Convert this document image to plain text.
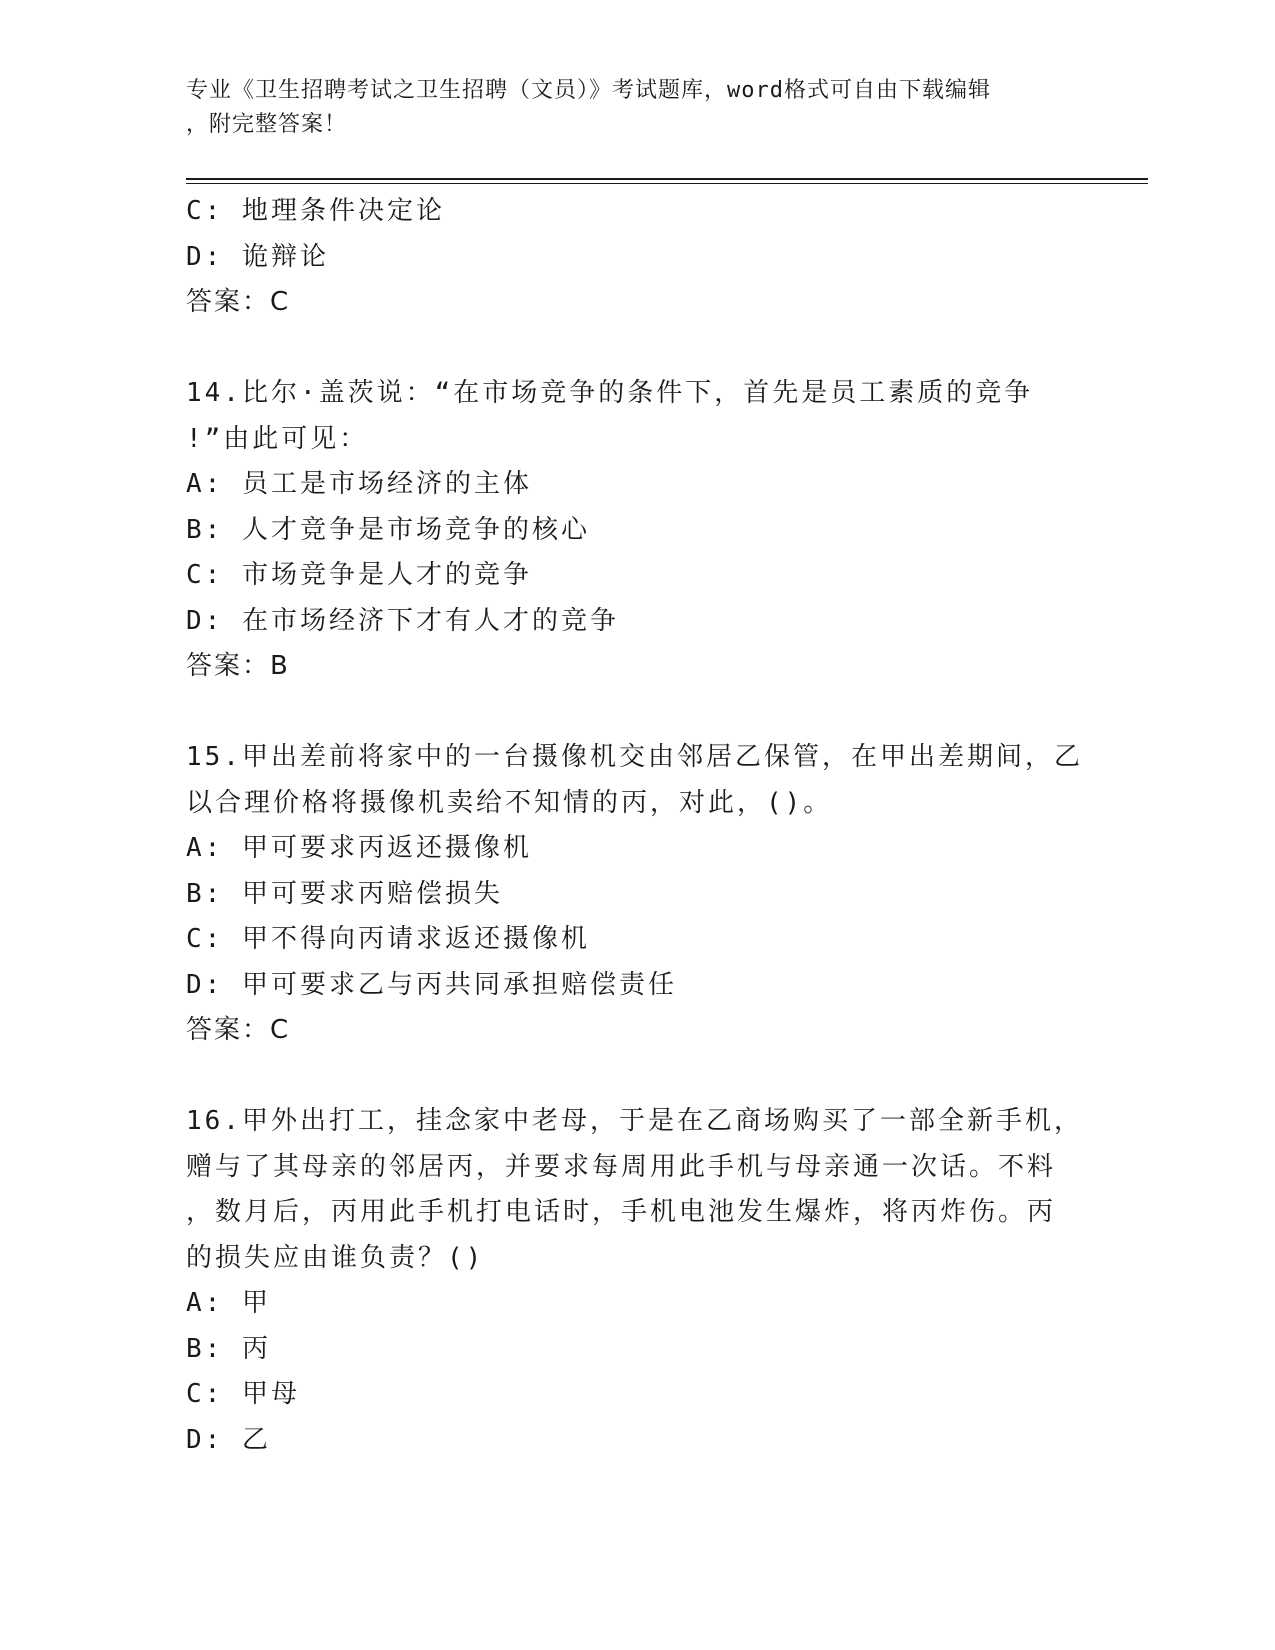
专业《卫生招聘考试之卫生招聘（文员）》考试题库，word格式可自由下载编辑
，附完整答案！
C: 地理条件决定论
D: 诡辩论
答案：C
14.比尔·盖茨说：“在市场竞争的条件下，首先是员工素质的竞争
!”由此可见：
A: 员工是市场经济的主体
B: 人才竞争是市场竞争的核心
C: 市场竞争是人才的竞争
D: 在市场经济下才有人才的竞争
答案：B
15.甲出差前将家中的一台摄像机交由邻居乙保管，在甲出差期间，乙
以合理价格将摄像机卖给不知情的丙，对此，()。
A: 甲可要求丙返还摄像机
B: 甲可要求丙赔偿损失
C: 甲不得向丙请求返还摄像机
D: 甲可要求乙与丙共同承担赔偿责任
答案：C
16.甲外出打工，挂念家中老母，于是在乙商场购买了一部全新手机，
赠与了其母亲的邻居丙，并要求每周用此手机与母亲通一次话。不料
，数月后，丙用此手机打电话时，手机电池发生爆炸，将丙炸伤。丙
的损失应由谁负责？()
A: 甲
B: 丙
C: 甲母
D: 乙
